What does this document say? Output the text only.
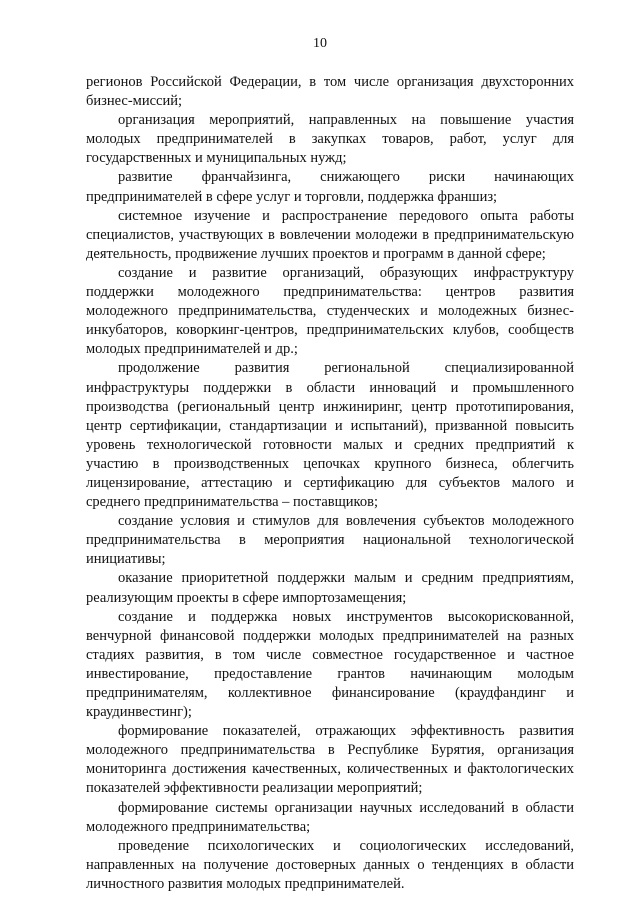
10

регионов Российской Федерации, в том числе организация двухсторонних бизнес-миссий;

организация мероприятий, направленных на повышение участия молодых предпринимателей в закупках товаров, работ, услуг для государственных и муниципальных нужд;

развитие франчайзинга, снижающего риски начинающих предпринимателей в сфере услуг и торговли, поддержка франшиз;

системное изучение и распространение передового опыта работы специалистов, участвующих в вовлечении молодежи в предпринимательскую деятельность, продвижение лучших проектов и программ в данной сфере;

создание и развитие организаций, образующих инфраструктуру поддержки молодежного предпринимательства: центров развития молодежного предпринимательства, студенческих и молодежных бизнес-инкубаторов, коворкинг-центров, предпринимательских клубов, сообществ молодых предпринимателей и др.;

продолжение развития региональной специализированной инфраструктуры поддержки в области инноваций и промышленного производства (региональный центр инжиниринг, центр прототипирования, центр сертификации, стандартизации и испытаний), призванной повысить уровень технологической готовности малых и средних предприятий к участию в производственных цепочках крупного бизнеса, облегчить лицензирование, аттестацию и сертификацию для субъектов малого и среднего предпринимательства – поставщиков;

создание условия и стимулов для вовлечения субъектов молодежного предпринимательства в мероприятия национальной технологической инициативы;

оказание приоритетной поддержки малым и средним предприятиям, реализующим проекты в сфере импортозамещения;

создание и поддержка новых инструментов высокорискованной, венчурной финансовой поддержки молодых предпринимателей на разных стадиях развития, в том числе совместное государственное и частное инвестирование, предоставление грантов начинающим молодым предпринимателям, коллективное финансирование (краудфандинг и краудинвестинг);

формирование показателей, отражающих эффективность развития молодежного предпринимательства в Республике Бурятия, организация мониторинга достижения качественных, количественных и фактологических показателей эффективности реализации мероприятий;

формирование системы организации научных исследований в области молодежного предпринимательства;

проведение психологических и социологических исследований, направленных на получение достоверных данных о тенденциях в области личностного развития молодых предпринимателей.
